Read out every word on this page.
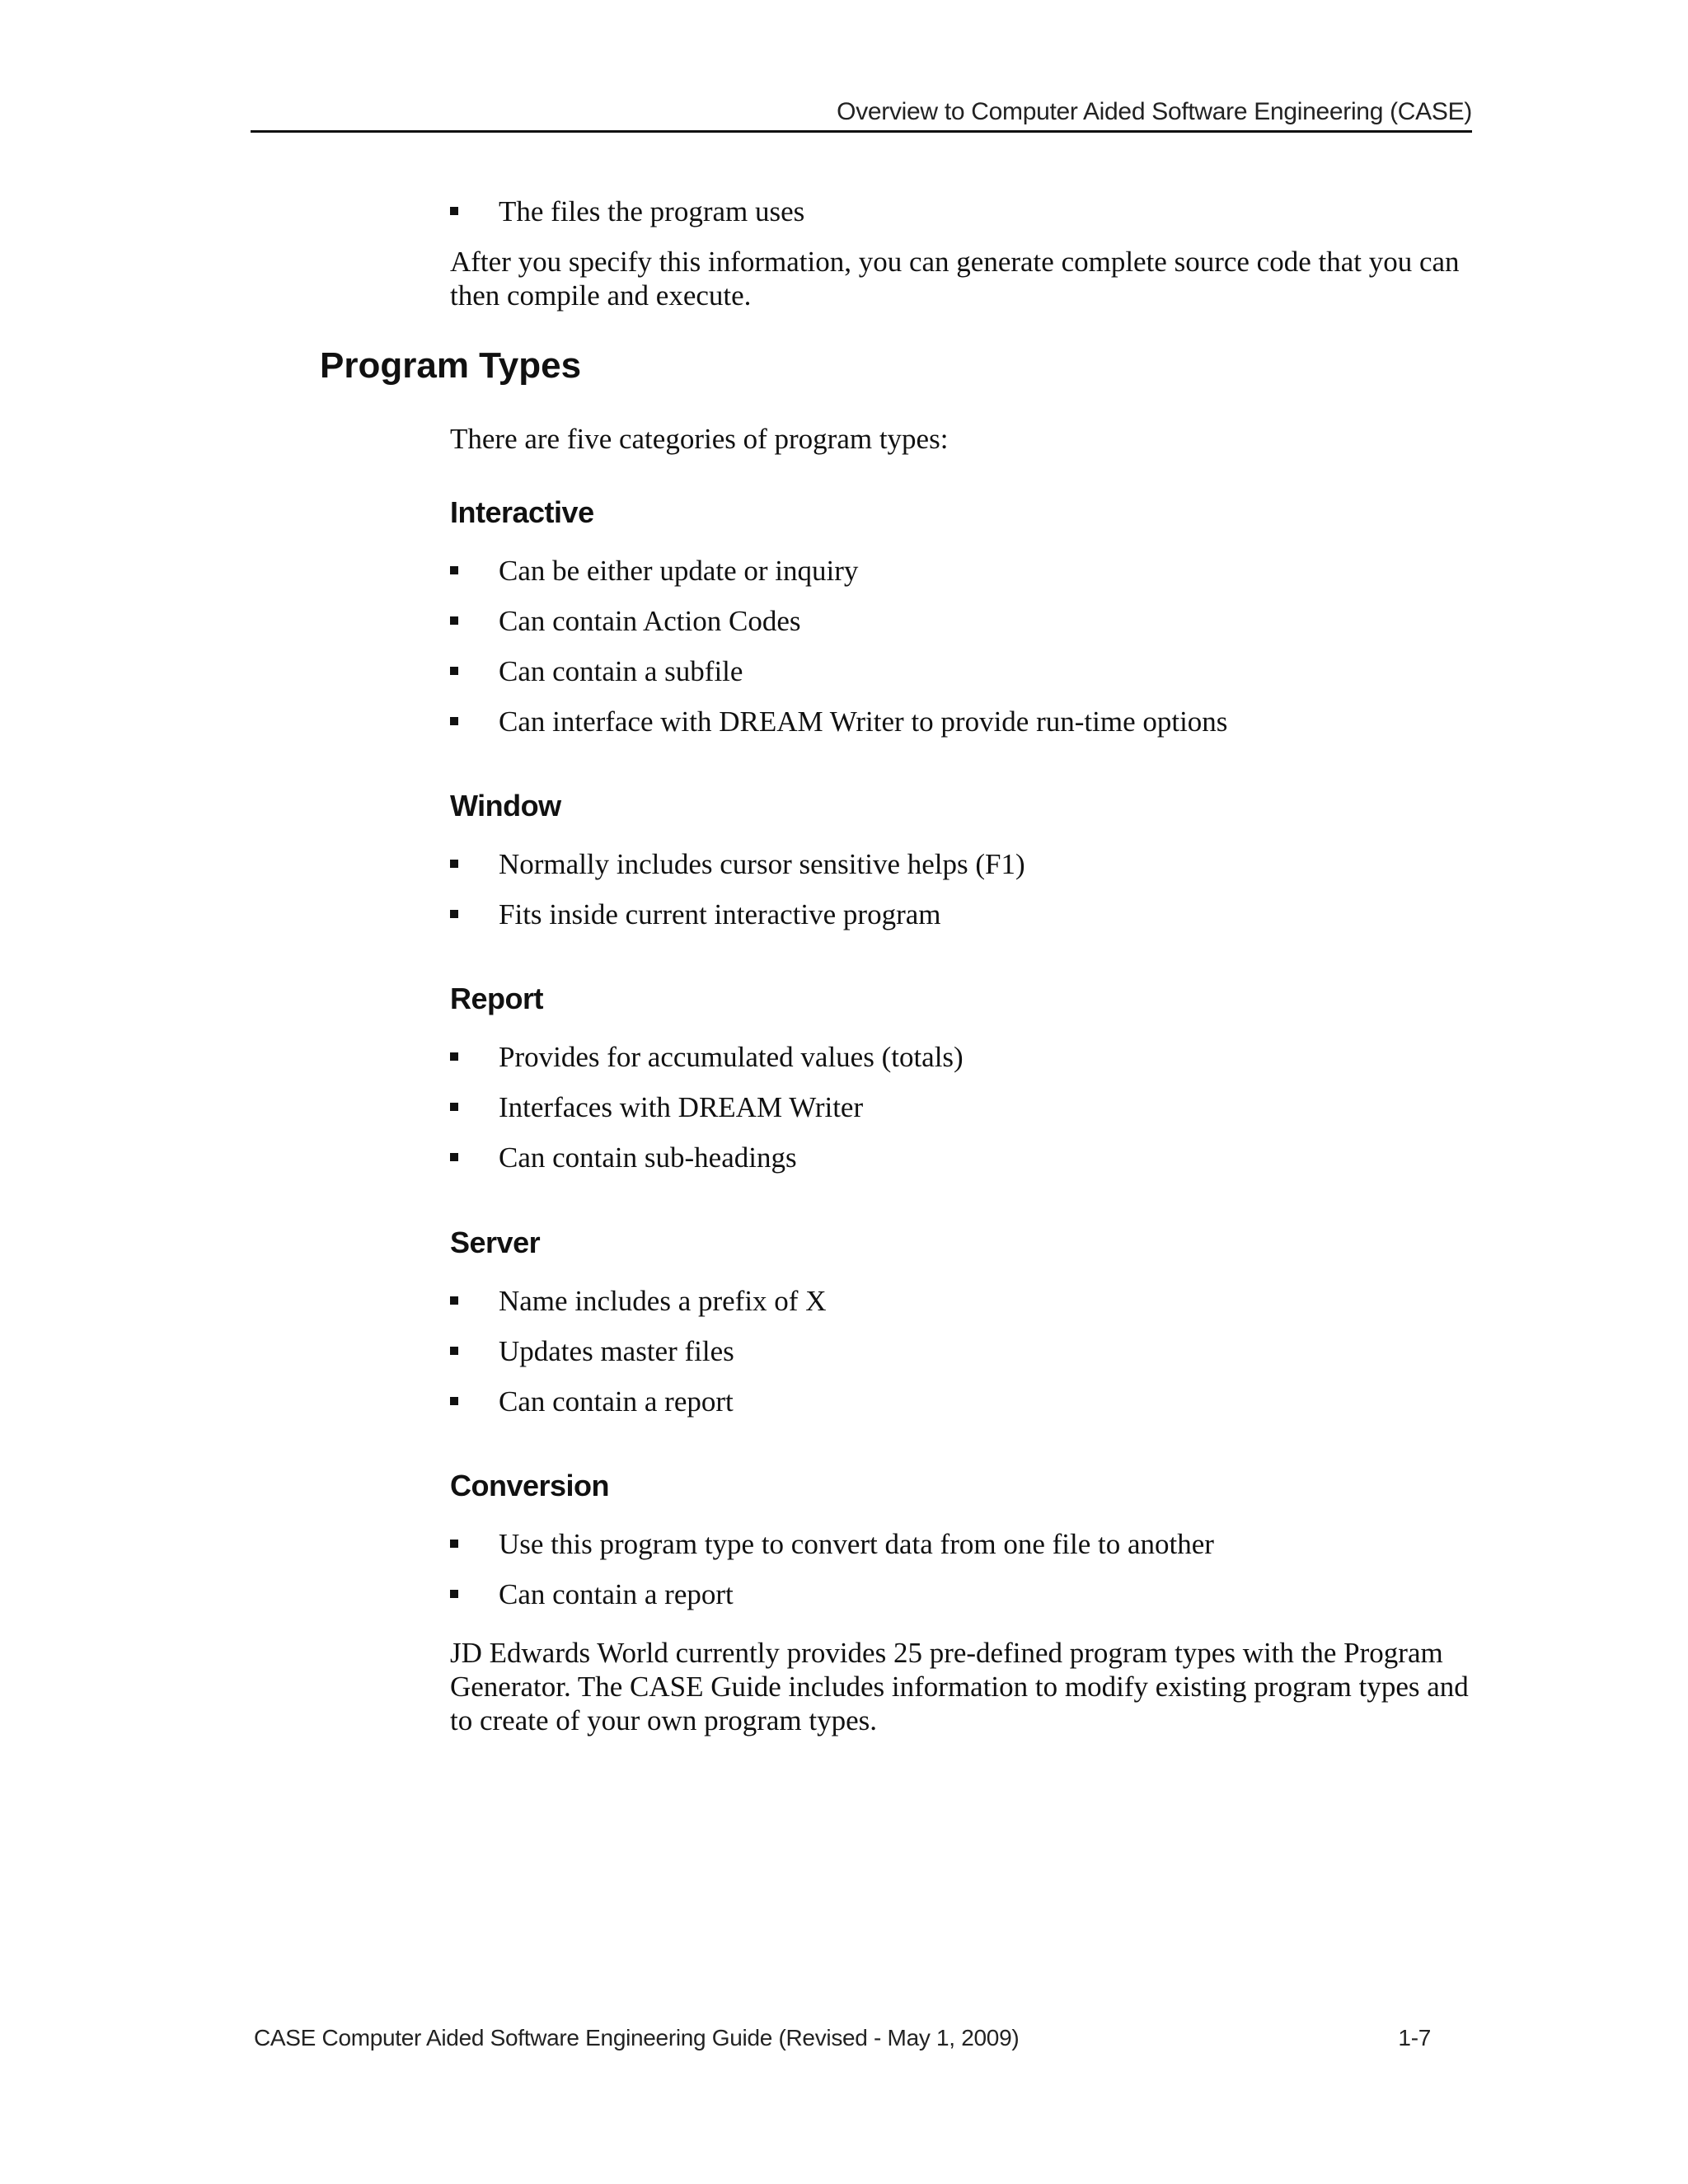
Overview to Computer Aided Software Engineering (CASE)
The files the program uses

After you specify this information, you can generate complete source code that you can then compile and execute.

Program Types

There are five categories of program types:

Interactive
Can be either update or inquiry
Can contain Action Codes
Can contain a subfile
Can interface with DREAM Writer to provide run-time options
Window
Normally includes cursor sensitive helps (F1)
Fits inside current interactive program
Report
Provides for accumulated values (totals)
Interfaces with DREAM Writer
Can contain sub-headings
Server
Name includes a prefix of X
Updates master files
Can contain a report
Conversion
Use this program type to convert data from one file to another
Can contain a report

JD Edwards World currently provides 25 pre-defined program types with the Program Generator. The CASE Guide includes information to modify existing program types and to create of your own program types.

CASE Computer Aided Software Engineering Guide (Revised - May 1, 2009)	1-7
